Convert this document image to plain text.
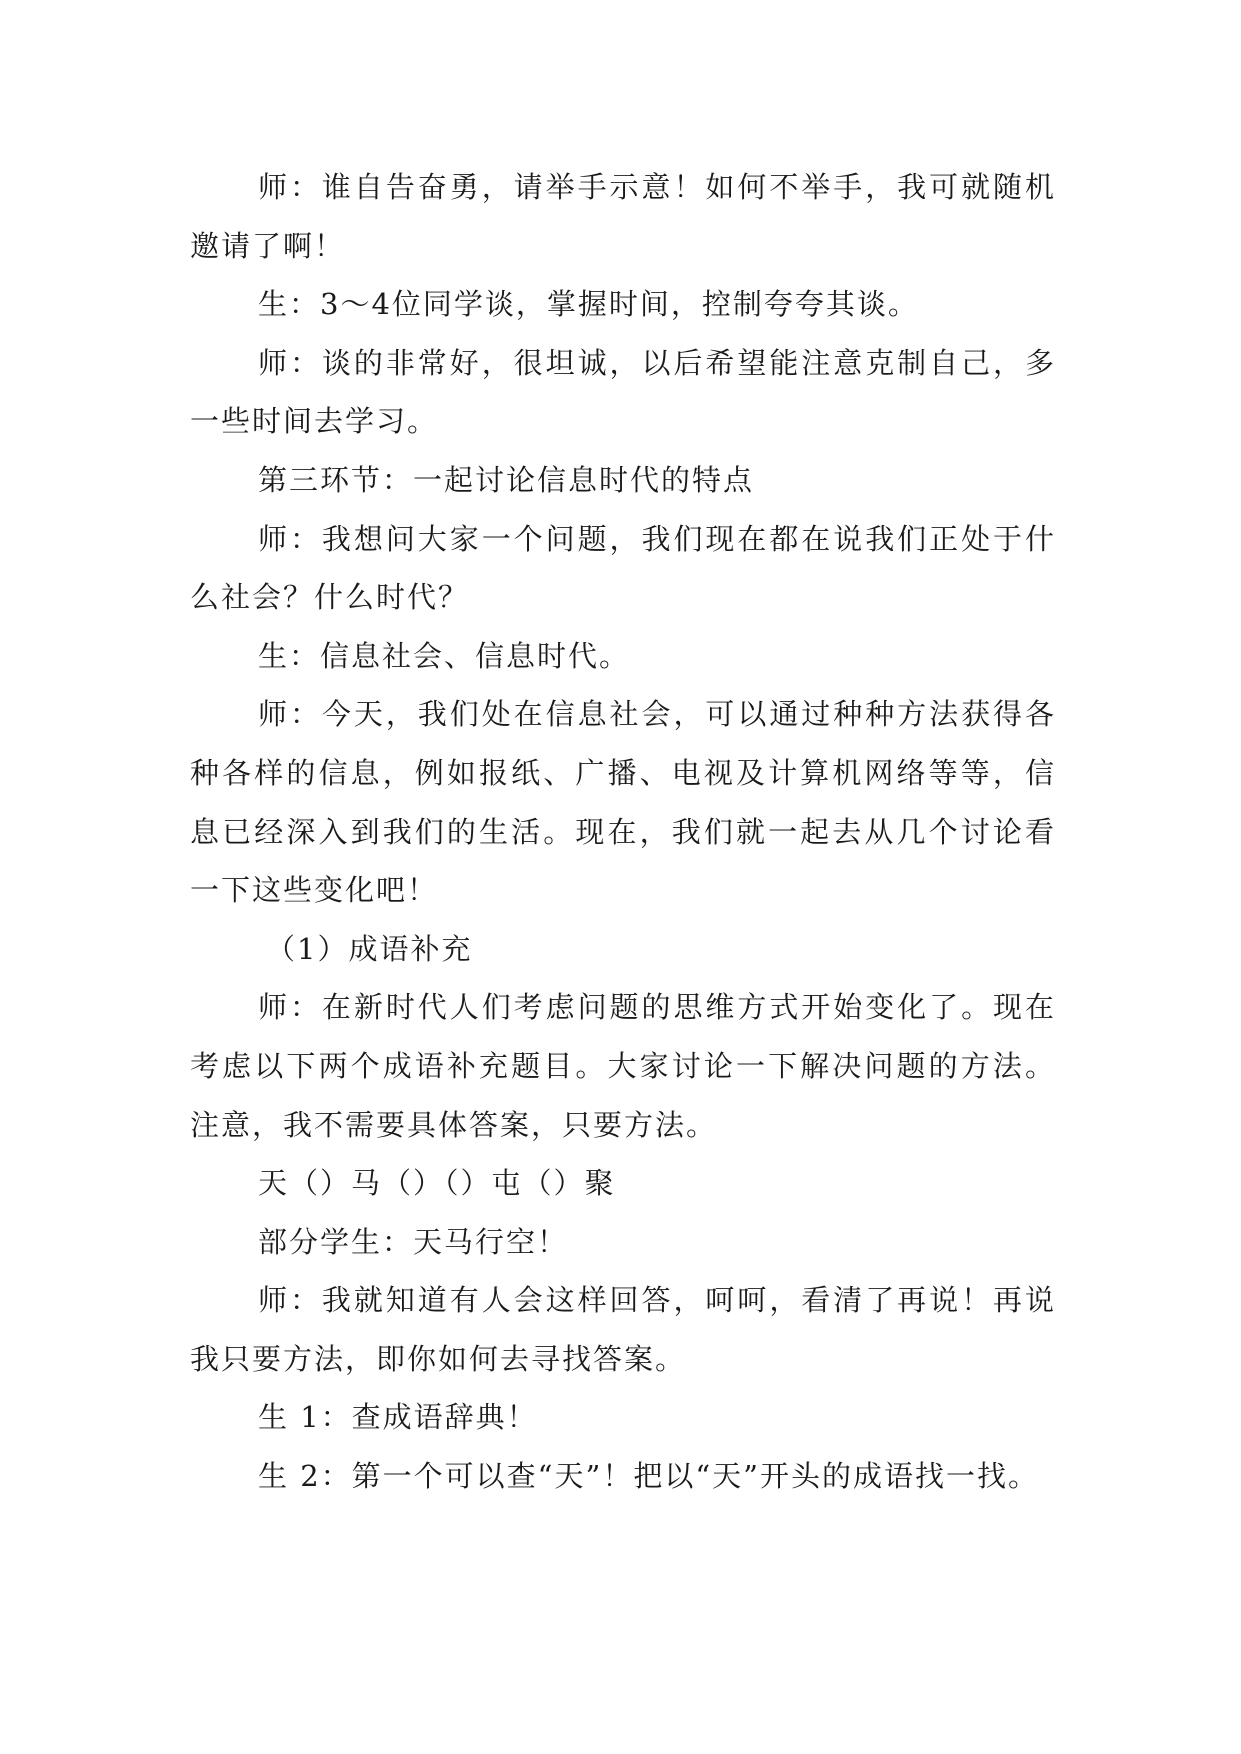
师：谁自告奋勇，请举手示意！如何不举手，我可就随机邀请了啊！

生：3～4位同学谈，掌握时间，控制夸夸其谈。

师：谈的非常好，很坦诚，以后希望能注意克制自己，多一些时间去学习。

第三环节：一起讨论信息时代的特点

师：我想问大家一个问题，我们现在都在说我们正处于什么社会？什么时代？

生：信息社会、信息时代。

师：今天，我们处在信息社会，可以通过种种方法获得各种各样的信息，例如报纸、广播、电视及计算机网络等等，信息已经深入到我们的生活。现在，我们就一起去从几个讨论看一下这些变化吧！

（1）成语补充

师：在新时代人们考虑问题的思维方式开始变化了。现在考虑以下两个成语补充题目。大家讨论一下解决问题的方法。注意，我不需要具体答案，只要方法。

天（）马（）（）屯（）聚

部分学生：天马行空！

师：我就知道有人会这样回答，呵呵，看清了再说！再说我只要方法，即你如何去寻找答案。

生 1：查成语辞典！

生 2：第一个可以查“天”！把以“天”开头的成语找一找。
